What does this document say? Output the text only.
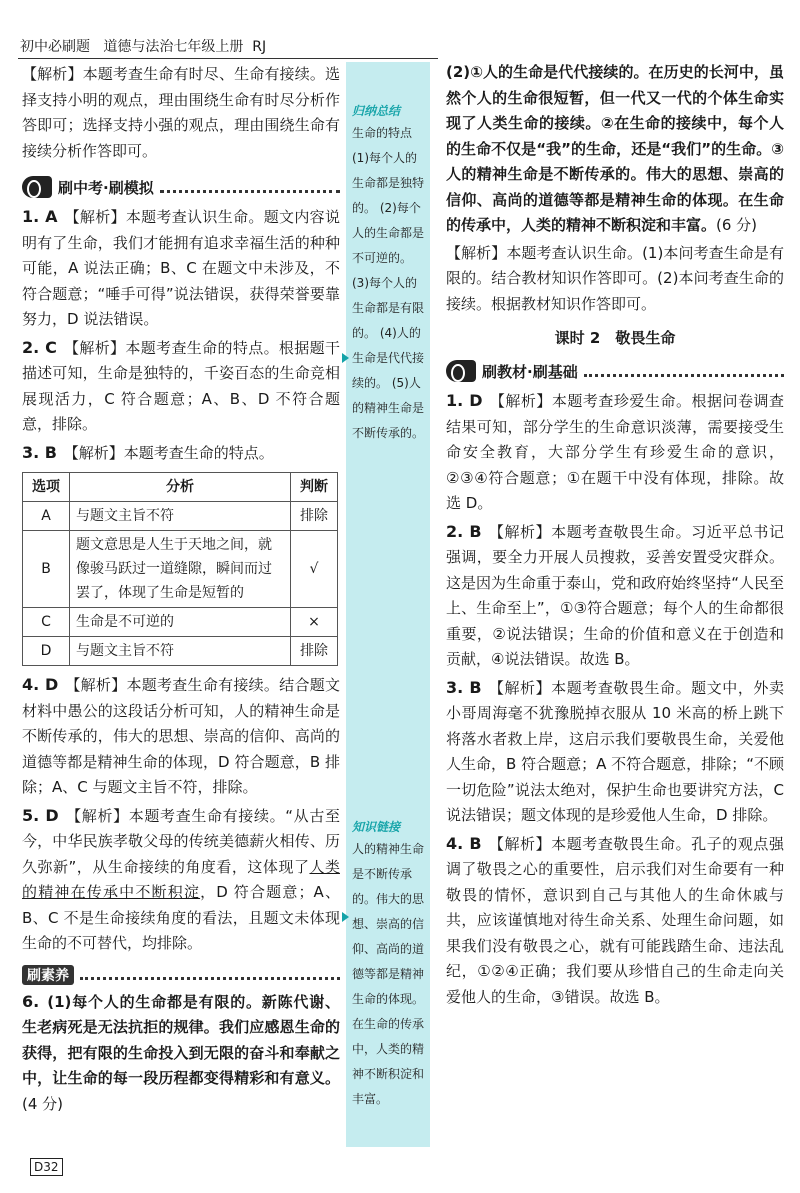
初中必刷题 道德与法治七年级上册 RJ

【解析】本题考查生命有时尽、生命有接续。选择支持小明的观点，理由围绕生命有时尽分析作答即可；选择支持小强的观点，理由围绕生命有接续分析作答即可。

刷中考·刷模拟

1. A 【解析】本题考查认识生命。题文内容说明有了生命，我们才能拥有追求幸福生活的种种可能，A 说法正确；B、C 在题文中未涉及，不符合题意；“唾手可得”说法错误，获得荣誉要靠努力，D 说法错误。

2. C 【解析】本题考查生命的特点。根据题干描述可知，生命是独特的，千姿百态的生命竞相展现活力，C 符合题意；A、B、D 不符合题意，排除。

3. B 【解析】本题考查生命的特点。

选项	分析	判断
A	与题文主旨不符	排除
B	题文意思是人生于天地之间，就像骏马跃过一道缝隙，瞬间而过罢了，体现了生命是短暂的	√
C	生命是不可逆的	×
D	与题文主旨不符	排除

4. D 【解析】本题考查生命有接续。结合题文材料中愚公的这段话分析可知，人的精神生命是不断传承的，伟大的思想、崇高的信仰、高尚的道德等都是精神生命的体现，D 符合题意，B 排除；A、C 与题文主旨不符，排除。

5. D 【解析】本题考查生命有接续。“从古至今，中华民族孝敬父母的传统美德薪火相传、历久弥新”，从生命接续的角度看，这体现了人类的精神在传承中不断积淀，D 符合题意；A、B、C 不是生命接续角度的看法，且题文未体现生命的不可替代，均排除。

刷素养

6. (1)每个人的生命都是有限的。新陈代谢、生老病死是无法抗拒的规律。我们应感恩生命的获得，把有限的生命投入到无限的奋斗和奉献之中，让生命的每一段历程都变得精彩和有意义。(4 分)

D32
归纳总结
生命的特点 (1)每个人的生命都是独特的。 (2)每个人的生命都是不可逆的。 (3)每个人的生命都是有限的。 (4)人的生命是代代接续的。 (5)人的精神生命是不断传承的。
知识链接
人的精神生命是不断传承的。伟大的思想、崇高的信仰、高尚的道德等都是精神生命的体现。在生命的传承中，人类的精神不断积淀和丰富。

(2)①人的生命是代代接续的。在历史的长河中，虽然个人的生命很短暂，但一代又一代的个体生命实现了人类生命的接续。②在生命的接续中，每个人的生命不仅是“我”的生命，还是“我们”的生命。③人的精神生命是不断传承的。伟大的思想、崇高的信仰、高尚的道德等都是精神生命的体现。在生命的传承中，人类的精神不断积淀和丰富。(6 分)

【解析】本题考查认识生命。(1)本问考查生命是有限的。结合教材知识作答即可。(2)本问考查生命的接续。根据教材知识作答即可。

课时 2　敬畏生命
刷教材·刷基础

1. D 【解析】本题考查珍爱生命。根据问卷调查结果可知，部分学生的生命意识淡薄，需要接受生命安全教育，大部分学生有珍爱生命的意识，②③④符合题意；①在题干中没有体现，排除。故选 D。

2. B 【解析】本题考查敬畏生命。习近平总书记强调，要全力开展人员搜救，妥善安置受灾群众。这是因为生命重于泰山，党和政府始终坚持“人民至上、生命至上”，①③符合题意；每个人的生命都很重要，②说法错误；生命的价值和意义在于创造和贡献，④说法错误。故选 B。

3. B 【解析】本题考查敬畏生命。题文中，外卖小哥周海毫不犹豫脱掉衣服从 10 米高的桥上跳下将落水者救上岸，这启示我们要敬畏生命，关爱他人生命，B 符合题意；A 不符合题意，排除；“不顾一切危险”说法太绝对，保护生命也要讲究方法，C 说法错误；题文体现的是珍爱他人生命，D 排除。

4. B 【解析】本题考查敬畏生命。孔子的观点强调了敬畏之心的重要性，启示我们对生命要有一种敬畏的情怀，意识到自己与其他人的生命休戚与共，应该谨慎地对待生命关系、处理生命问题，如果我们没有敬畏之心，就有可能践踏生命、违法乱纪，①②④正确；我们要从珍惜自己的生命走向关爱他人的生命，③错误。故选 B。
